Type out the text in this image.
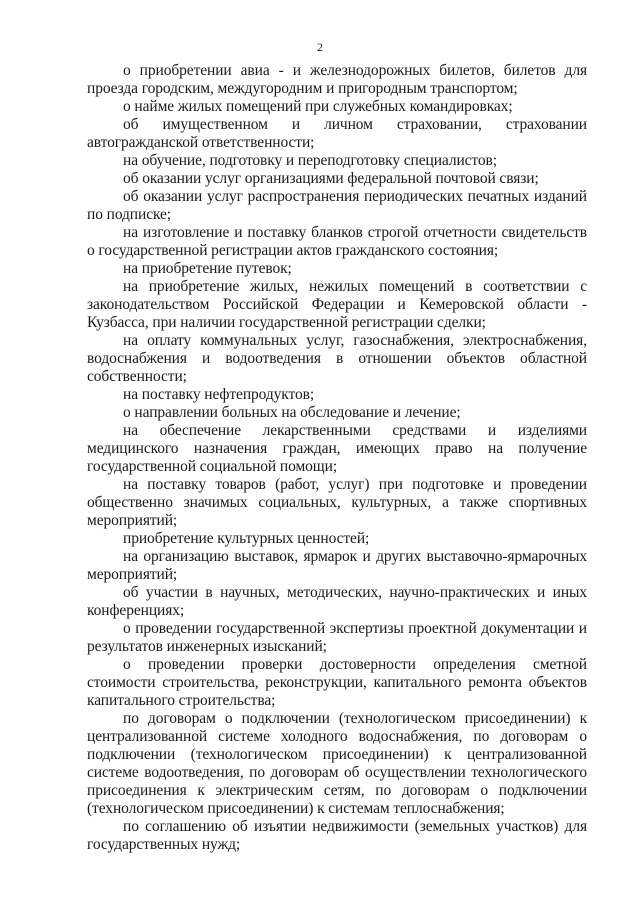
2

о приобретении авиа - и железнодорожных билетов, билетов для проезда городским, междугородним и пригородным транспортом;

о найме жилых помещений при служебных командировках;

об имущественном и личном страховании, страховании автогражданской ответственности;

на обучение, подготовку и переподготовку специалистов;

об оказании услуг организациями федеральной почтовой связи;

об оказании услуг распространения периодических печатных изданий по подписке;

на изготовление и поставку бланков строгой отчетности свидетельств о государственной регистрации актов гражданского состояния;

на приобретение путевок;

на приобретение жилых, нежилых помещений в соответствии с законодательством Российской Федерации и Кемеровской области - Кузбасса, при наличии государственной регистрации сделки;

на оплату коммунальных услуг, газоснабжения, электроснабжения, водоснабжения и водоотведения в отношении объектов областной собственности;

на поставку нефтепродуктов;

о направлении больных на обследование и лечение;

на обеспечение лекарственными средствами и изделиями медицинского назначения граждан, имеющих право на получение государственной социальной помощи;

на поставку товаров (работ, услуг) при подготовке и проведении общественно значимых социальных, культурных, а также спортивных мероприятий;

приобретение культурных ценностей;

на организацию выставок, ярмарок и других выставочно-ярмарочных мероприятий;

об участии в научных, методических, научно-практических и иных конференциях;

о проведении государственной экспертизы проектной документации и результатов инженерных изысканий;

о проведении проверки достоверности определения сметной стоимости строительства, реконструкции, капитального ремонта объектов капитального строительства;

по договорам о подключении (технологическом присоединении) к централизованной системе холодного водоснабжения, по договорам о подключении (технологическом присоединении) к централизованной системе водоотведения, по договорам об осуществлении технологического присоединения к электрическим сетям, по договорам о подключении (технологическом присоединении) к системам теплоснабжения;

по соглашению об изъятии недвижимости (земельных участков) для государственных нужд;
